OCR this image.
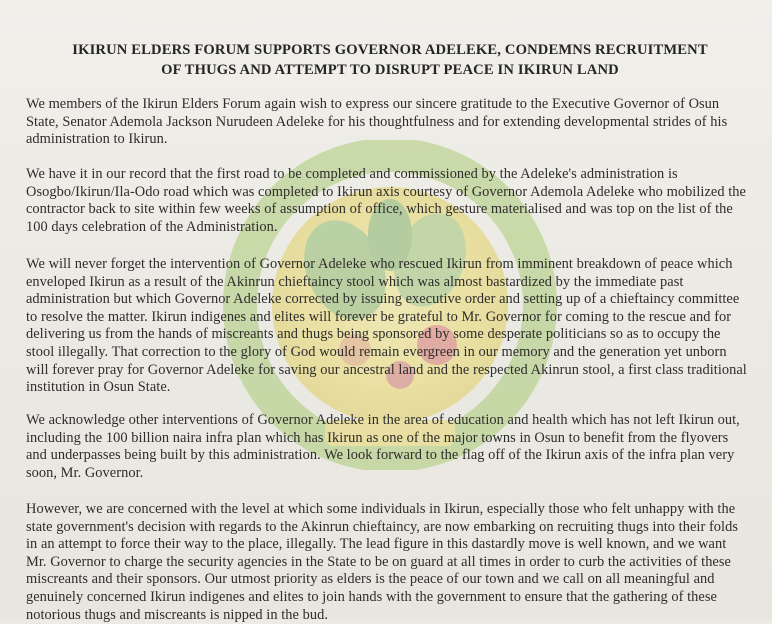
IKIRUN ELDERS FORUM SUPPORTS GOVERNOR ADELEKE, CONDEMNS RECRUITMENT
OF THUGS AND ATTEMPT TO DISRUPT PEACE IN IKIRUN LAND

We members of the Ikirun Elders Forum again wish to express our sincere gratitude to the Executive Governor of Osun State, Senator Ademola Jackson Nurudeen Adeleke for his thoughtfulness and for extending developmental strides of his administration to Ikirun.

We have it in our record that the first road to be completed and commissioned by the Adeleke's administration is Osogbo/Ikirun/Ila-Odo road which was completed to Ikirun axis courtesy of Governor Ademola Adeleke who mobilized the contractor back to site within few weeks of assumption of office, which gesture materialised and was top on the list of the 100 days celebration of the Administration.

We will never forget the intervention of Governor Adeleke who rescued Ikirun from imminent breakdown of peace which enveloped Ikirun as a result of the Akinrun chieftaincy stool which was almost bastardized by the immediate past administration but which Governor Adeleke corrected by issuing executive order and setting up of a chieftaincy committee to resolve the matter. Ikirun indigenes and elites will forever be grateful to Mr. Governor for coming to the rescue and for delivering us from the hands of miscreants and thugs being sponsored by some desperate politicians so as to occupy the stool illegally. That correction to the glory of God would remain evergreen in our memory and the generation yet unborn will forever pray for Governor Adeleke for saving our ancestral land and the respected Akinrun stool, a first class traditional institution in Osun State.

We acknowledge other interventions of Governor Adeleke in the area of education and health which has not left Ikirun out, including the 100 billion naira infra plan which has Ikirun as one of the major towns in Osun to benefit from the flyovers and underpasses being built by this administration. We look forward to the flag off of the Ikirun axis of the infra plan very soon, Mr. Governor.

However, we are concerned with the level at which some individuals in Ikirun, especially those who felt unhappy with the state government's decision with regards to the Akinrun chieftaincy, are now embarking on recruiting thugs into their folds in an attempt to force their way to the place, illegally. The lead figure in this dastardly move is well known, and we want Mr. Governor to charge the security agencies in the State to be on guard at all times in order to curb the activities of these miscreants and their sponsors. Our utmost priority as elders is the peace of our town and we call on all meaningful and genuinely concerned Ikirun indigenes and elites to join hands with the government to ensure that the gathering of these notorious thugs and miscreants is nipped in the bud.
